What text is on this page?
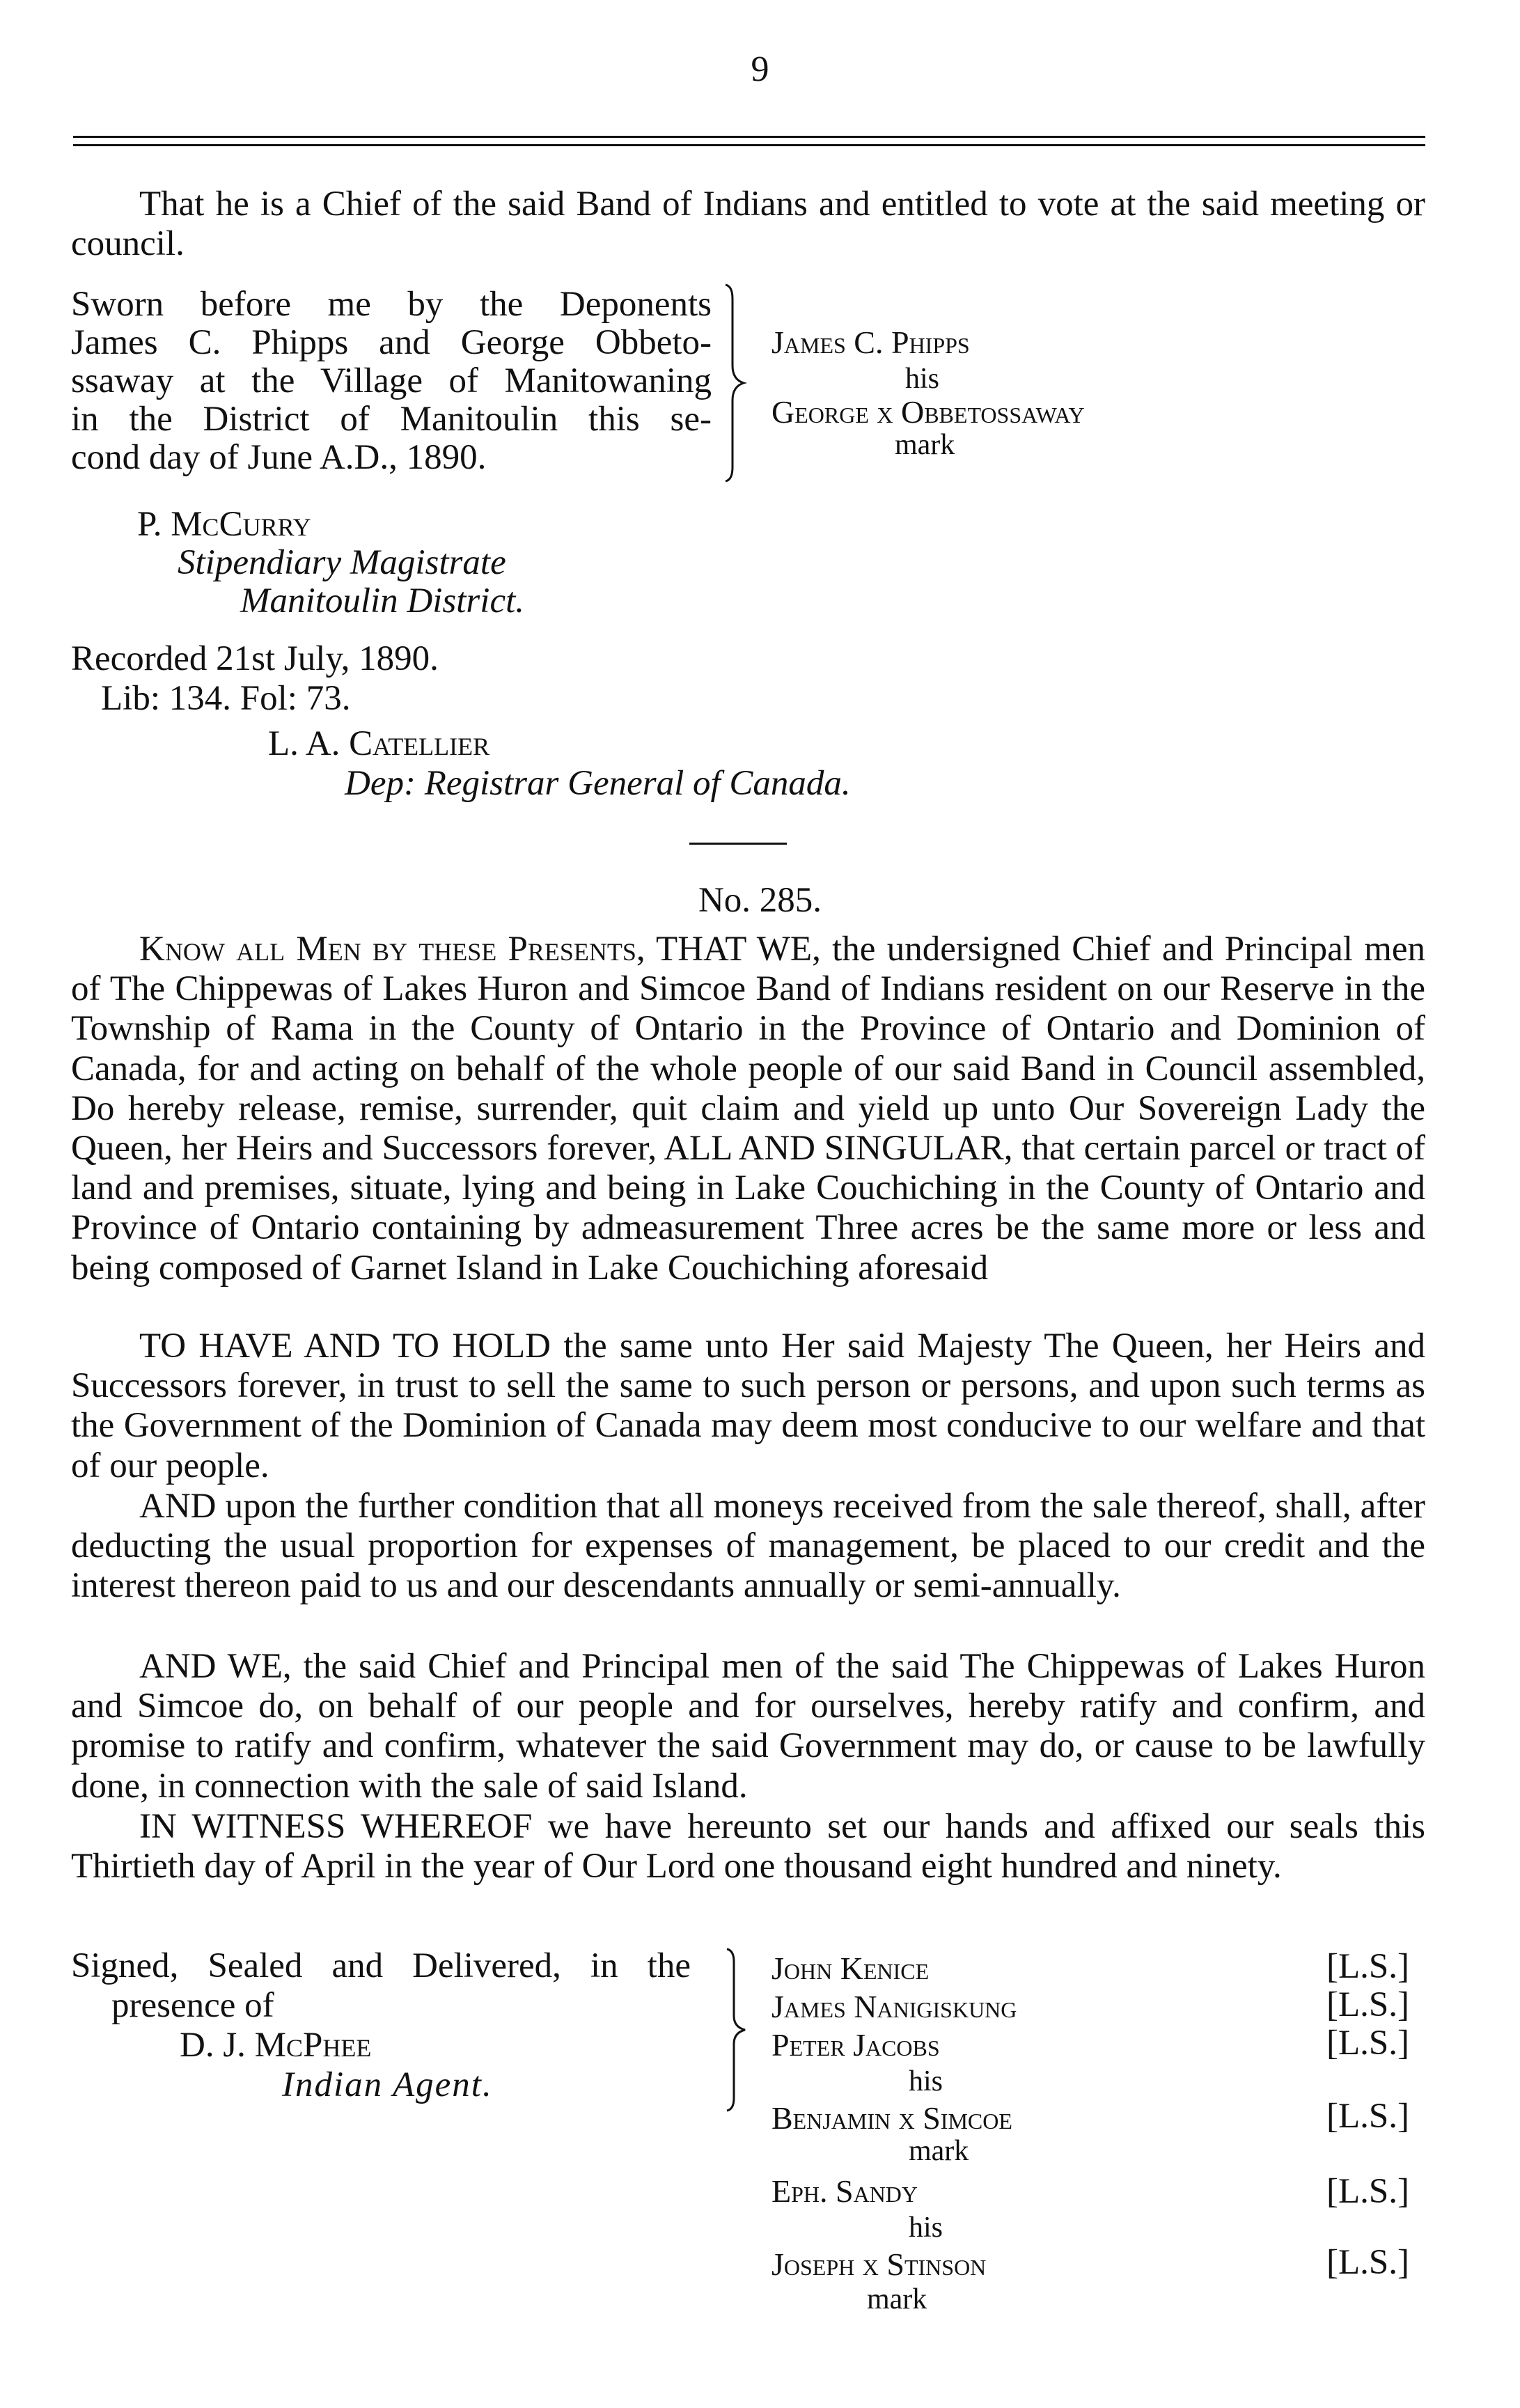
9
That he is a Chief of the said Band of Indians and entitled to vote at the said meeting or council.
Sworn before me by the Deponents
James C. Phipps and George Obbeto-
ssaway at the Village of Manitowaning
in the District of Manitoulin this se-
cond day of June A.D., 1890.
James C. Phipps
his
George x Obbetossaway
mark
P. McCurry
Stipendiary Magistrate
Manitoulin District.
Recorded 21st July, 1890.
Lib: 134. Fol: 73.
L. A. Catellier
Dep: Registrar General of Canada.
No. 285.
Know all Men by these Presents, THAT WE, the undersigned Chief and Principal men of The Chippewas of Lakes Huron and Simcoe Band of Indians resident on our Reserve in the Township of Rama in the County of Ontario in the Province of Ontario and Dominion of Canada, for and acting on behalf of the whole people of our said Band in Council assembled, Do hereby release, remise, surrender, quit claim and yield up unto Our Sovereign Lady the Queen, her Heirs and Successors forever, ALL AND SINGULAR, that certain parcel or tract of land and premises, situate, lying and being in Lake Couchiching in the County of Ontario and Province of Ontario containing by admeasurement Three acres be the same more or less and being composed of Garnet Island in Lake Couchiching aforesaid
TO HAVE AND TO HOLD the same unto Her said Majesty The Queen, her Heirs and Successors forever, in trust to sell the same to such person or persons, and upon such terms as the Government of the Dominion of Canada may deem most conducive to our welfare and that of our people.
AND upon the further condition that all moneys received from the sale thereof, shall, after deducting the usual proportion for expenses of management, be placed to our credit and the interest thereon paid to us and our descendants annually or semi-annually.
AND WE, the said Chief and Principal men of the said The Chippewas of Lakes Huron and Simcoe do, on behalf of our people and for ourselves, hereby ratify and confirm, and promise to ratify and confirm, whatever the said Government may do, or cause to be lawfully done, in connection with the sale of said Island.
IN WITNESS WHEREOF we have hereunto set our hands and affixed our seals this Thirtieth day of April in the year of Our Lord one thousand eight hundred and ninety.
Signed, Sealed and Delivered, in the
presence of
D. J. McPhee
Indian Agent.
John Kenice	[L.S.]
James Nanigiskung	[L.S.]
Peter Jacobs	[L.S.]
his
Benjamin x Simcoe	[L.S.]
mark
Eph. Sandy	[L.S.]
his
Joseph x Stinson	[L.S.]
mark
